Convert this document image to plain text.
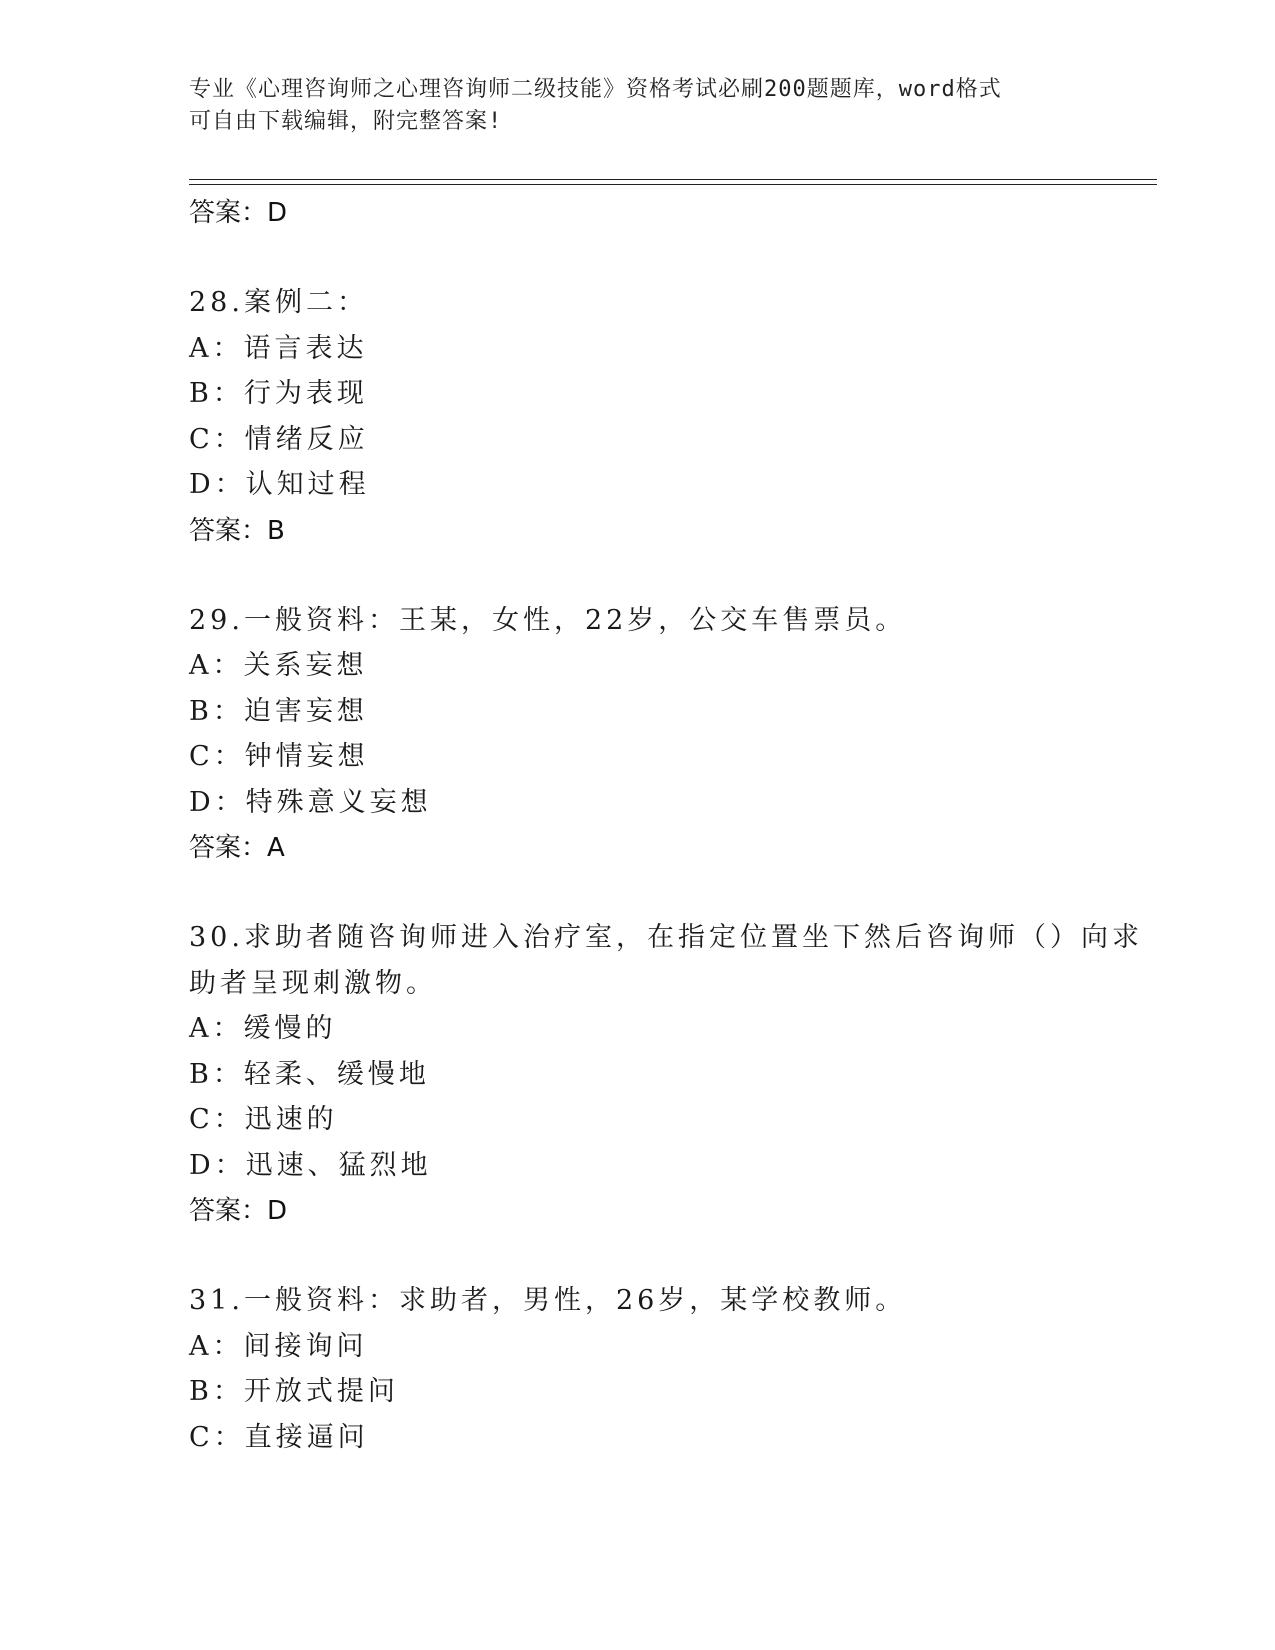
专业《心理咨询师之心理咨询师二级技能》资格考试必刷200题题库，word格式
可自由下载编辑，附完整答案!
答案：D
28.案例二：
A：语言表达
B：行为表现
C：情绪反应
D：认知过程
答案：B
29.一般资料：王某，女性，22岁，公交车售票员。
A：关系妄想
B：迫害妄想
C：钟情妄想
D：特殊意义妄想
答案：A
30.求助者随咨询师进入治疗室，在指定位置坐下然后咨询师（）向求
助者呈现刺激物。
A：缓慢的
B：轻柔、缓慢地
C：迅速的
D：迅速、猛烈地
答案：D
31.一般资料：求助者，男性，26岁，某学校教师。
A：间接询问
B：开放式提问
C：直接逼问
